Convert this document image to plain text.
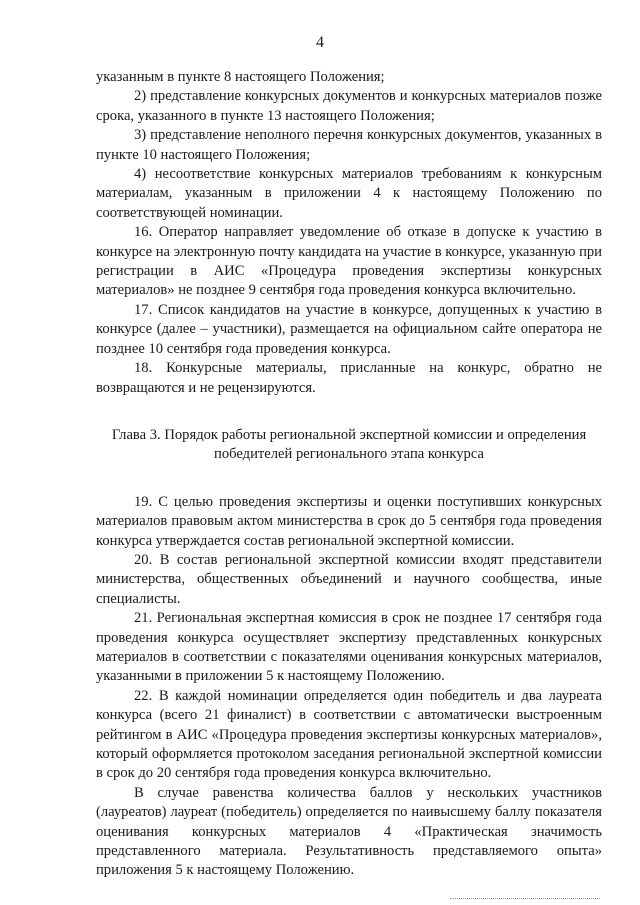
4

указанным в пункте 8 настоящего Положения;

2) представление конкурсных документов и конкурсных материалов позже срока, указанного в пункте 13 настоящего Положения;

3) представление неполного перечня конкурсных документов, указанных в пункте 10 настоящего Положения;

4) несоответствие конкурсных материалов требованиям к конкурсным материалам, указанным в приложении 4 к настоящему Положению по соответствующей номинации.

16. Оператор направляет уведомление об отказе в допуске к участию в конкурсе на электронную почту кандидата на участие в конкурсе, указанную при регистрации в АИС «Процедура проведения экспертизы конкурсных материалов» не позднее 9 сентября года проведения конкурса включительно.

17. Список кандидатов на участие в конкурсе, допущенных к участию в конкурсе (далее – участники), размещается на официальном сайте оператора не позднее 10 сентября года проведения конкурса.

18. Конкурсные материалы, присланные на конкурс, обратно не возвращаются и не рецензируются.

Глава 3. Порядок работы региональной экспертной комиссии и определения победителей регионального этапа конкурса

19. С целью проведения экспертизы и оценки поступивших конкурсных материалов правовым актом министерства в срок до 5 сентября года проведения конкурса утверждается состав региональной экспертной комиссии.

20. В состав региональной экспертной комиссии входят представители министерства, общественных объединений и научного сообщества, иные специалисты.

21. Региональная экспертная комиссия в срок не позднее 17 сентября года проведения конкурса осуществляет экспертизу представленных конкурсных материалов в соответствии с показателями оценивания конкурсных материалов, указанными в приложении 5 к настоящему Положению.

22. В каждой номинации определяется один победитель и два лауреата конкурса (всего 21 финалист) в соответствии с автоматически выстроенным рейтингом в АИС «Процедура проведения экспертизы конкурсных материалов», который оформляется протоколом заседания региональной экспертной комиссии в срок до 20 сентября года проведения конкурса включительно.

В случае равенства количества баллов у нескольких участников (лауреатов) лауреат (победитель) определяется по наивысшему баллу показателя оценивания конкурсных материалов 4 «Практическая значимость представленного материала. Результативность представляемого опыта» приложения 5 к настоящему Положению.
